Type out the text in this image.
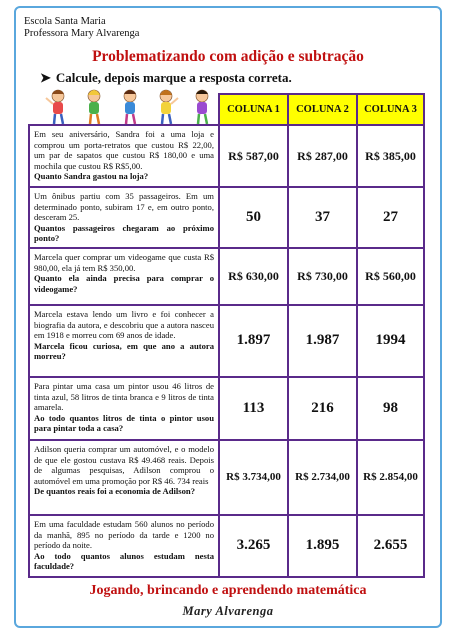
Escola Santa Maria
Professora Mary Alvarenga
Problematizando com adição e subtração
➤ Calcule, depois marque a resposta correta.
	COLUNA 1	COLUNA 2	COLUNA 3
Em seu aniversário, Sandra foi a uma loja e comprou um porta-retratos que custou R$ 22,00, um par de sapatos que custou R$ 180,00 e uma mochila que custou R$ R$5,00.
Quanto Sandra gastou na loja?	R$ 587,00	R$ 287,00	R$ 385,00
Um ônibus partiu com 35 passageiros. Em um determinado ponto, subiram 17 e, em outro ponto, desceram 25.
Quantos passageiros chegaram ao próximo ponto?	50	37	27
Marcela quer comprar um videogame que custa R$ 980,00, ela já tem R$ 350,00.
Quanto ela ainda precisa para comprar o videogame?	R$ 630,00	R$ 730,00	R$ 560,00
Marcela estava lendo um livro e foi conhecer a biografia da autora, e descobriu que a autora nasceu em 1918 e morreu com 69 anos de idade.
Marcela ficou curiosa, em que ano a autora morreu?	1.897	1.987	1994
Para pintar uma casa um pintor usou 46 litros de tinta azul, 58 litros de tinta branca e 9 litros de tinta amarela.
Ao todo quantos litros de tinta o pintor usou para pintar toda a casa?	113	216	98
Adilson queria comprar um automóvel, e o modelo de que ele gostou custava R$ 49.468 reais. Depois de algumas pesquisas, Adilson comprou o automóvel em uma promoção por R$ 46. 734 reais
De quantos reais foi a economia de Adilson?	R$ 3.734,00	R$ 2.734,00	R$ 2.854,00
Em uma faculdade estudam 560 alunos no período da manhã, 895 no período da tarde e 1200 no período da noite.
Ao todo quantos alunos estudam nesta faculdade?	3.265	1.895	2.655
Jogando, brincando e aprendendo matemática
Mary Alvarenga
